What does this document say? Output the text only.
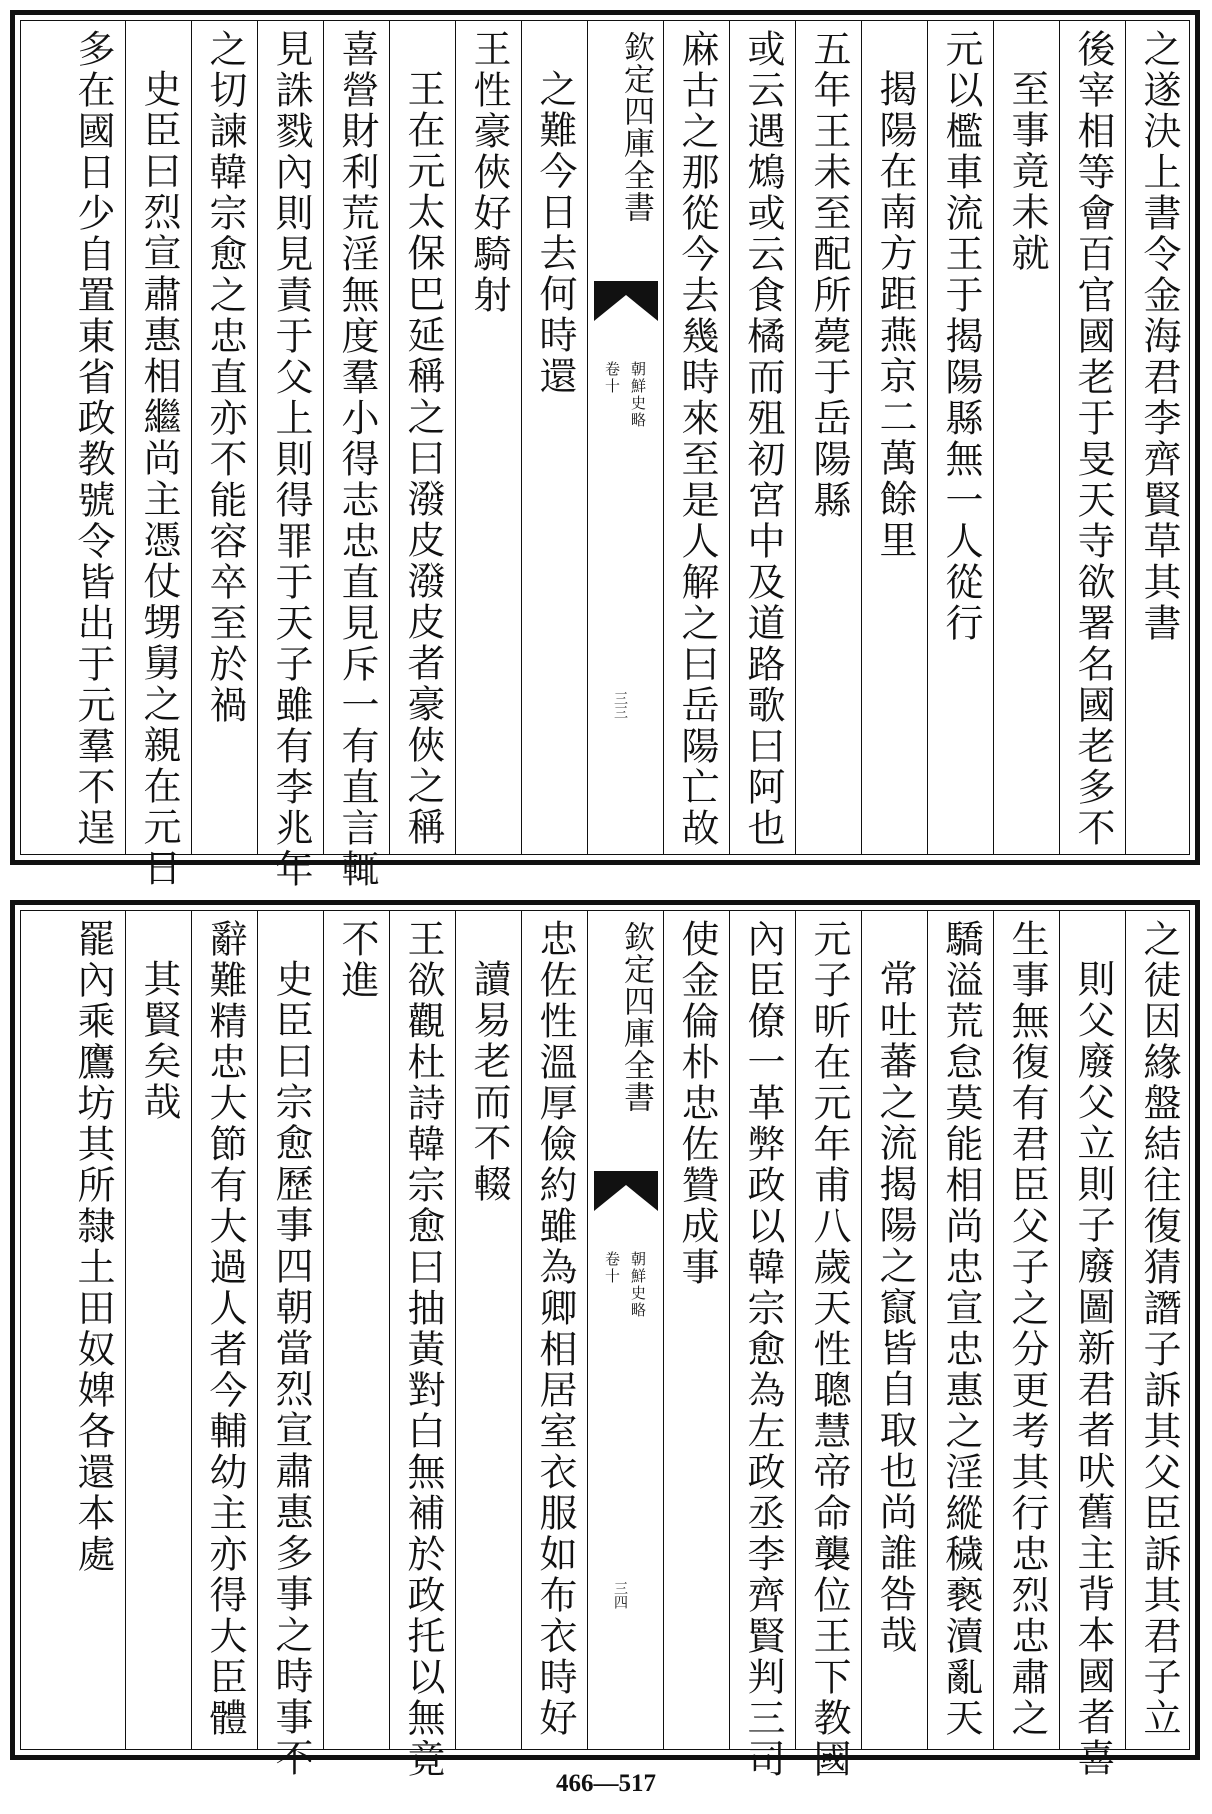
之遂決上書令金海君李齊賢草其書
後宰相等會百官國老于旻天寺欲署名國老多不
至事竟未就
元以檻車流王于揭陽縣無一人從行
揭陽在南方距燕京二萬餘里
五年王未至配所薨于岳陽縣
或云遇鴆或云食橘而殂初宮中及道路歌曰阿也
麻古之那從今去幾時來至是人解之曰岳陽亡故
欽定四庫全書
朝鮮史略
卷十
三三
之難今日去何時還
王性豪俠好騎射
王在元太保巴延稱之曰潑皮潑皮者豪俠之稱
喜營財利荒淫無度羣小得志忠直見斥一有直言輒
見誅戮內則見責于父上則得罪于天子雖有李兆年
之切諫韓宗愈之忠直亦不能容卒至於禍
史臣曰烈宣肅惠相繼尚主憑仗甥舅之親在元日
多在國日少自置東省政教號令皆出于元羣不逞
之徒因緣盤結往復猜譖子訴其父臣訴其君子立
則父廢父立則子廢圖新君者吠舊主背本國者喜
生事無復有君臣父子之分更考其行忠烈忠肅之
驕溢荒怠莫能相尚忠宣忠惠之淫縱穢褻瀆亂天
常吐蕃之流揭陽之竄皆自取也尚誰咎哉
元子昕在元年甫八歲天性聰慧帝命襲位王下教國
內臣僚一革弊政以韓宗愈為左政丞李齊賢判三司
使金倫朴忠佐贊成事
欽定四庫全書
朝鮮史略
卷十
三四
忠佐性溫厚儉約雖為卿相居室衣服如布衣時好
讀易老而不輟
王欲觀杜詩韓宗愈曰抽黃對白無補於政托以無竟
不進
史臣曰宗愈歷事四朝當烈宣肅惠多事之時事不
辭難精忠大節有大過人者今輔幼主亦得大臣體
其賢矣哉
罷內乘鷹坊其所隸土田奴婢各還本處
466—517
